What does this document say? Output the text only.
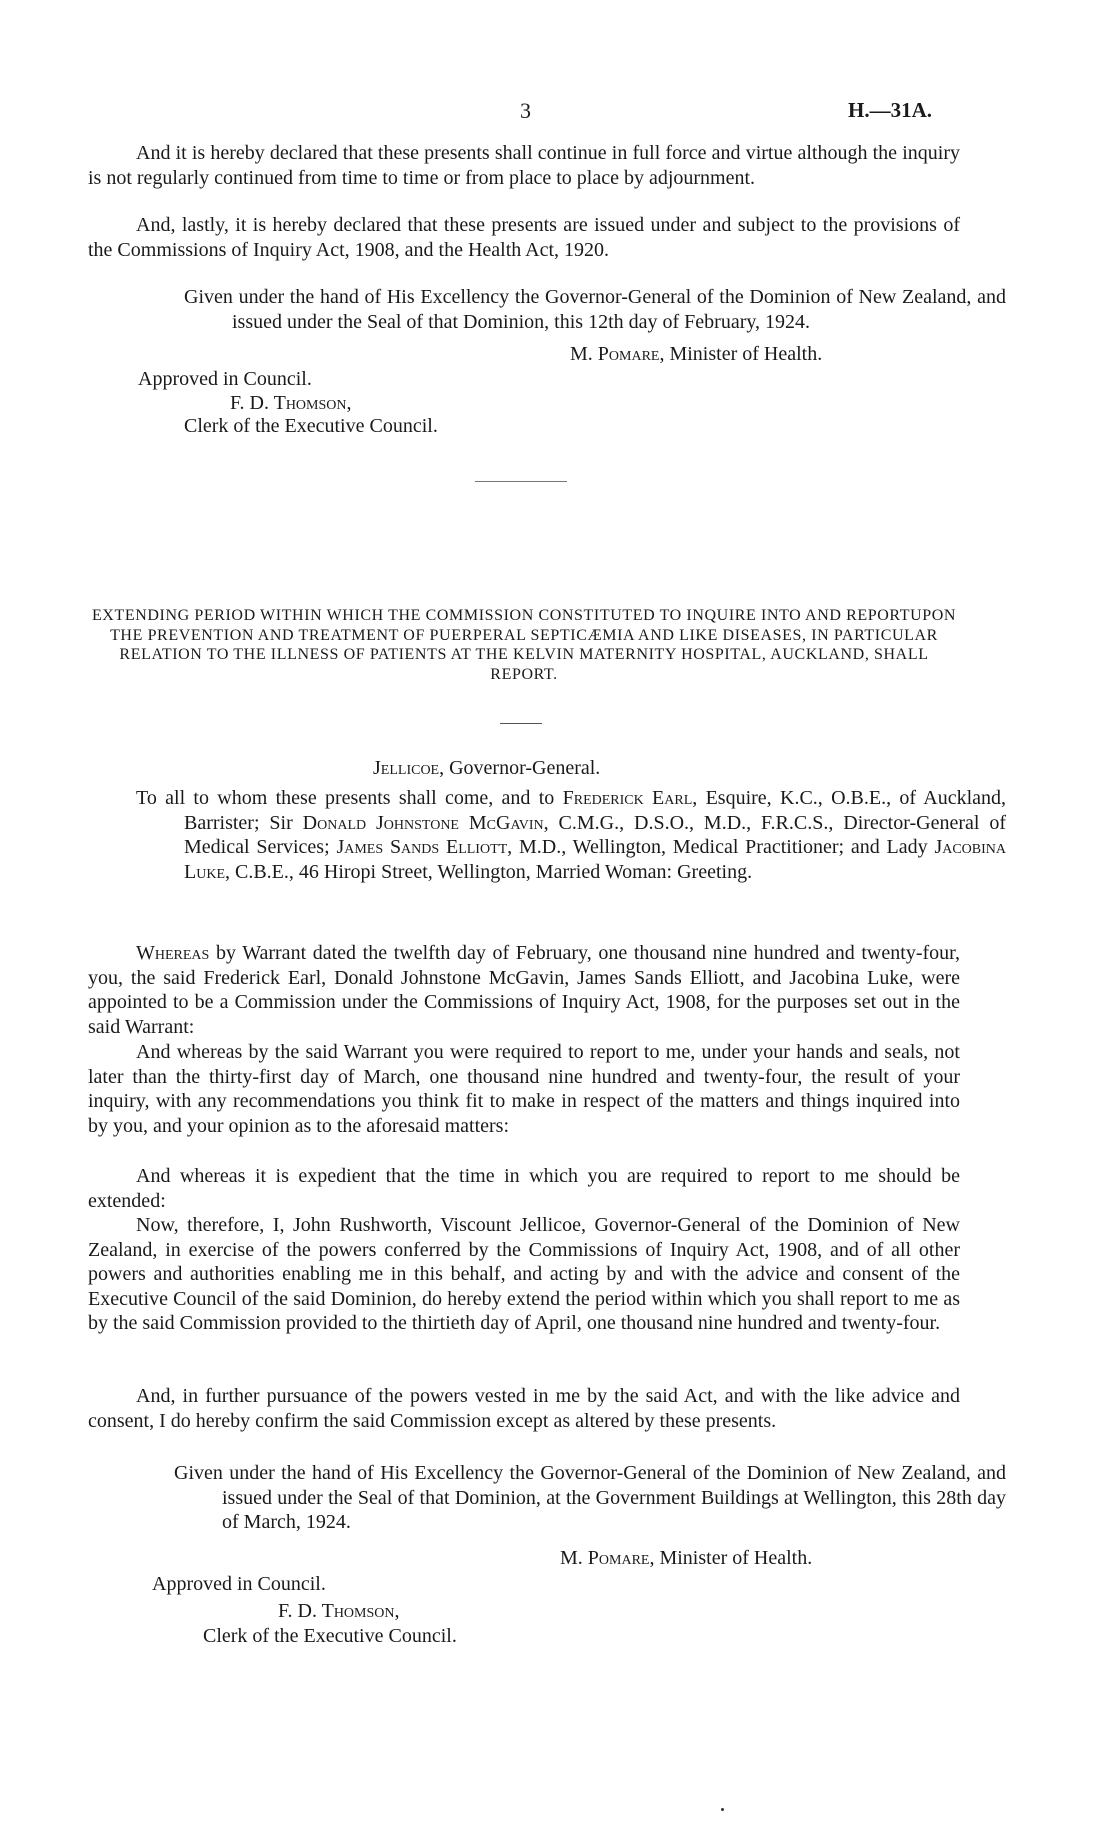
3	H.—31A.

And it is hereby declared that these presents shall continue in full force and virtue although the inquiry is not regularly continued from time to time or from place to place by adjournment.

And, lastly, it is hereby declared that these presents are issued under and subject to the provisions of the Commissions of Inquiry Act, 1908, and the Health Act, 1920.

Given under the hand of His Excellency the Governor-General of the Dominion of New Zealand, and issued under the Seal of that Dominion, this 12th day of February, 1924.

M. Pomare, Minister of Health.
Approved in Council.
F. D. Thomson,
Clerk of the Executive Council.

EXTENDING PERIOD WITHIN WHICH THE COMMISSION CONSTITUTED TO INQUIRE INTO AND REPORTUPON THE PREVENTION AND TREATMENT OF PUERPERAL SEPTICÆMIA AND LIKE DISEASES, IN PARTICULAR RELATION TO THE ILLNESS OF PATIENTS AT THE KELVIN MATERNITY HOSPITAL, AUCKLAND, SHALL REPORT.

Jellicoe, Governor-General.

To all to whom these presents shall come, and to Frederick Earl, Esquire, K.C., O.B.E., of Auckland, Barrister; Sir Donald Johnstone McGavin, C.M.G., D.S.O., M.D., F.R.C.S., Director-General of Medical Services; James Sands Elliott, M.D., Wellington, Medical Practitioner; and Lady Jacobina Luke, C.B.E., 46 Hiropi Street, Wellington, Married Woman: Greeting.

Whereas by Warrant dated the twelfth day of February, one thousand nine hundred and twenty-four, you, the said Frederick Earl, Donald Johnstone McGavin, James Sands Elliott, and Jacobina Luke, were appointed to be a Commission under the Commissions of Inquiry Act, 1908, for the purposes set out in the said Warrant:

And whereas by the said Warrant you were required to report to me, under your hands and seals, not later than the thirty-first day of March, one thousand nine hundred and twenty-four, the result of your inquiry, with any recommendations you think fit to make in respect of the matters and things inquired into by you, and your opinion as to the aforesaid matters:

And whereas it is expedient that the time in which you are required to report to me should be extended:

Now, therefore, I, John Rushworth, Viscount Jellicoe, Governor-General of the Dominion of New Zealand, in exercise of the powers conferred by the Commissions of Inquiry Act, 1908, and of all other powers and authorities enabling me in this behalf, and acting by and with the advice and consent of the Executive Council of the said Dominion, do hereby extend the period within which you shall report to me as by the said Commission provided to the thirtieth day of April, one thousand nine hundred and twenty-four.

And, in further pursuance of the powers vested in me by the said Act, and with the like advice and consent, I do hereby confirm the said Commission except as altered by these presents.

Given under the hand of His Excellency the Governor-General of the Dominion of New Zealand, and issued under the Seal of that Dominion, at the Government Buildings at Wellington, this 28th day of March, 1924.

M. Pomare, Minister of Health.
Approved in Council.
F. D. Thomson,
Clerk of the Executive Council.
